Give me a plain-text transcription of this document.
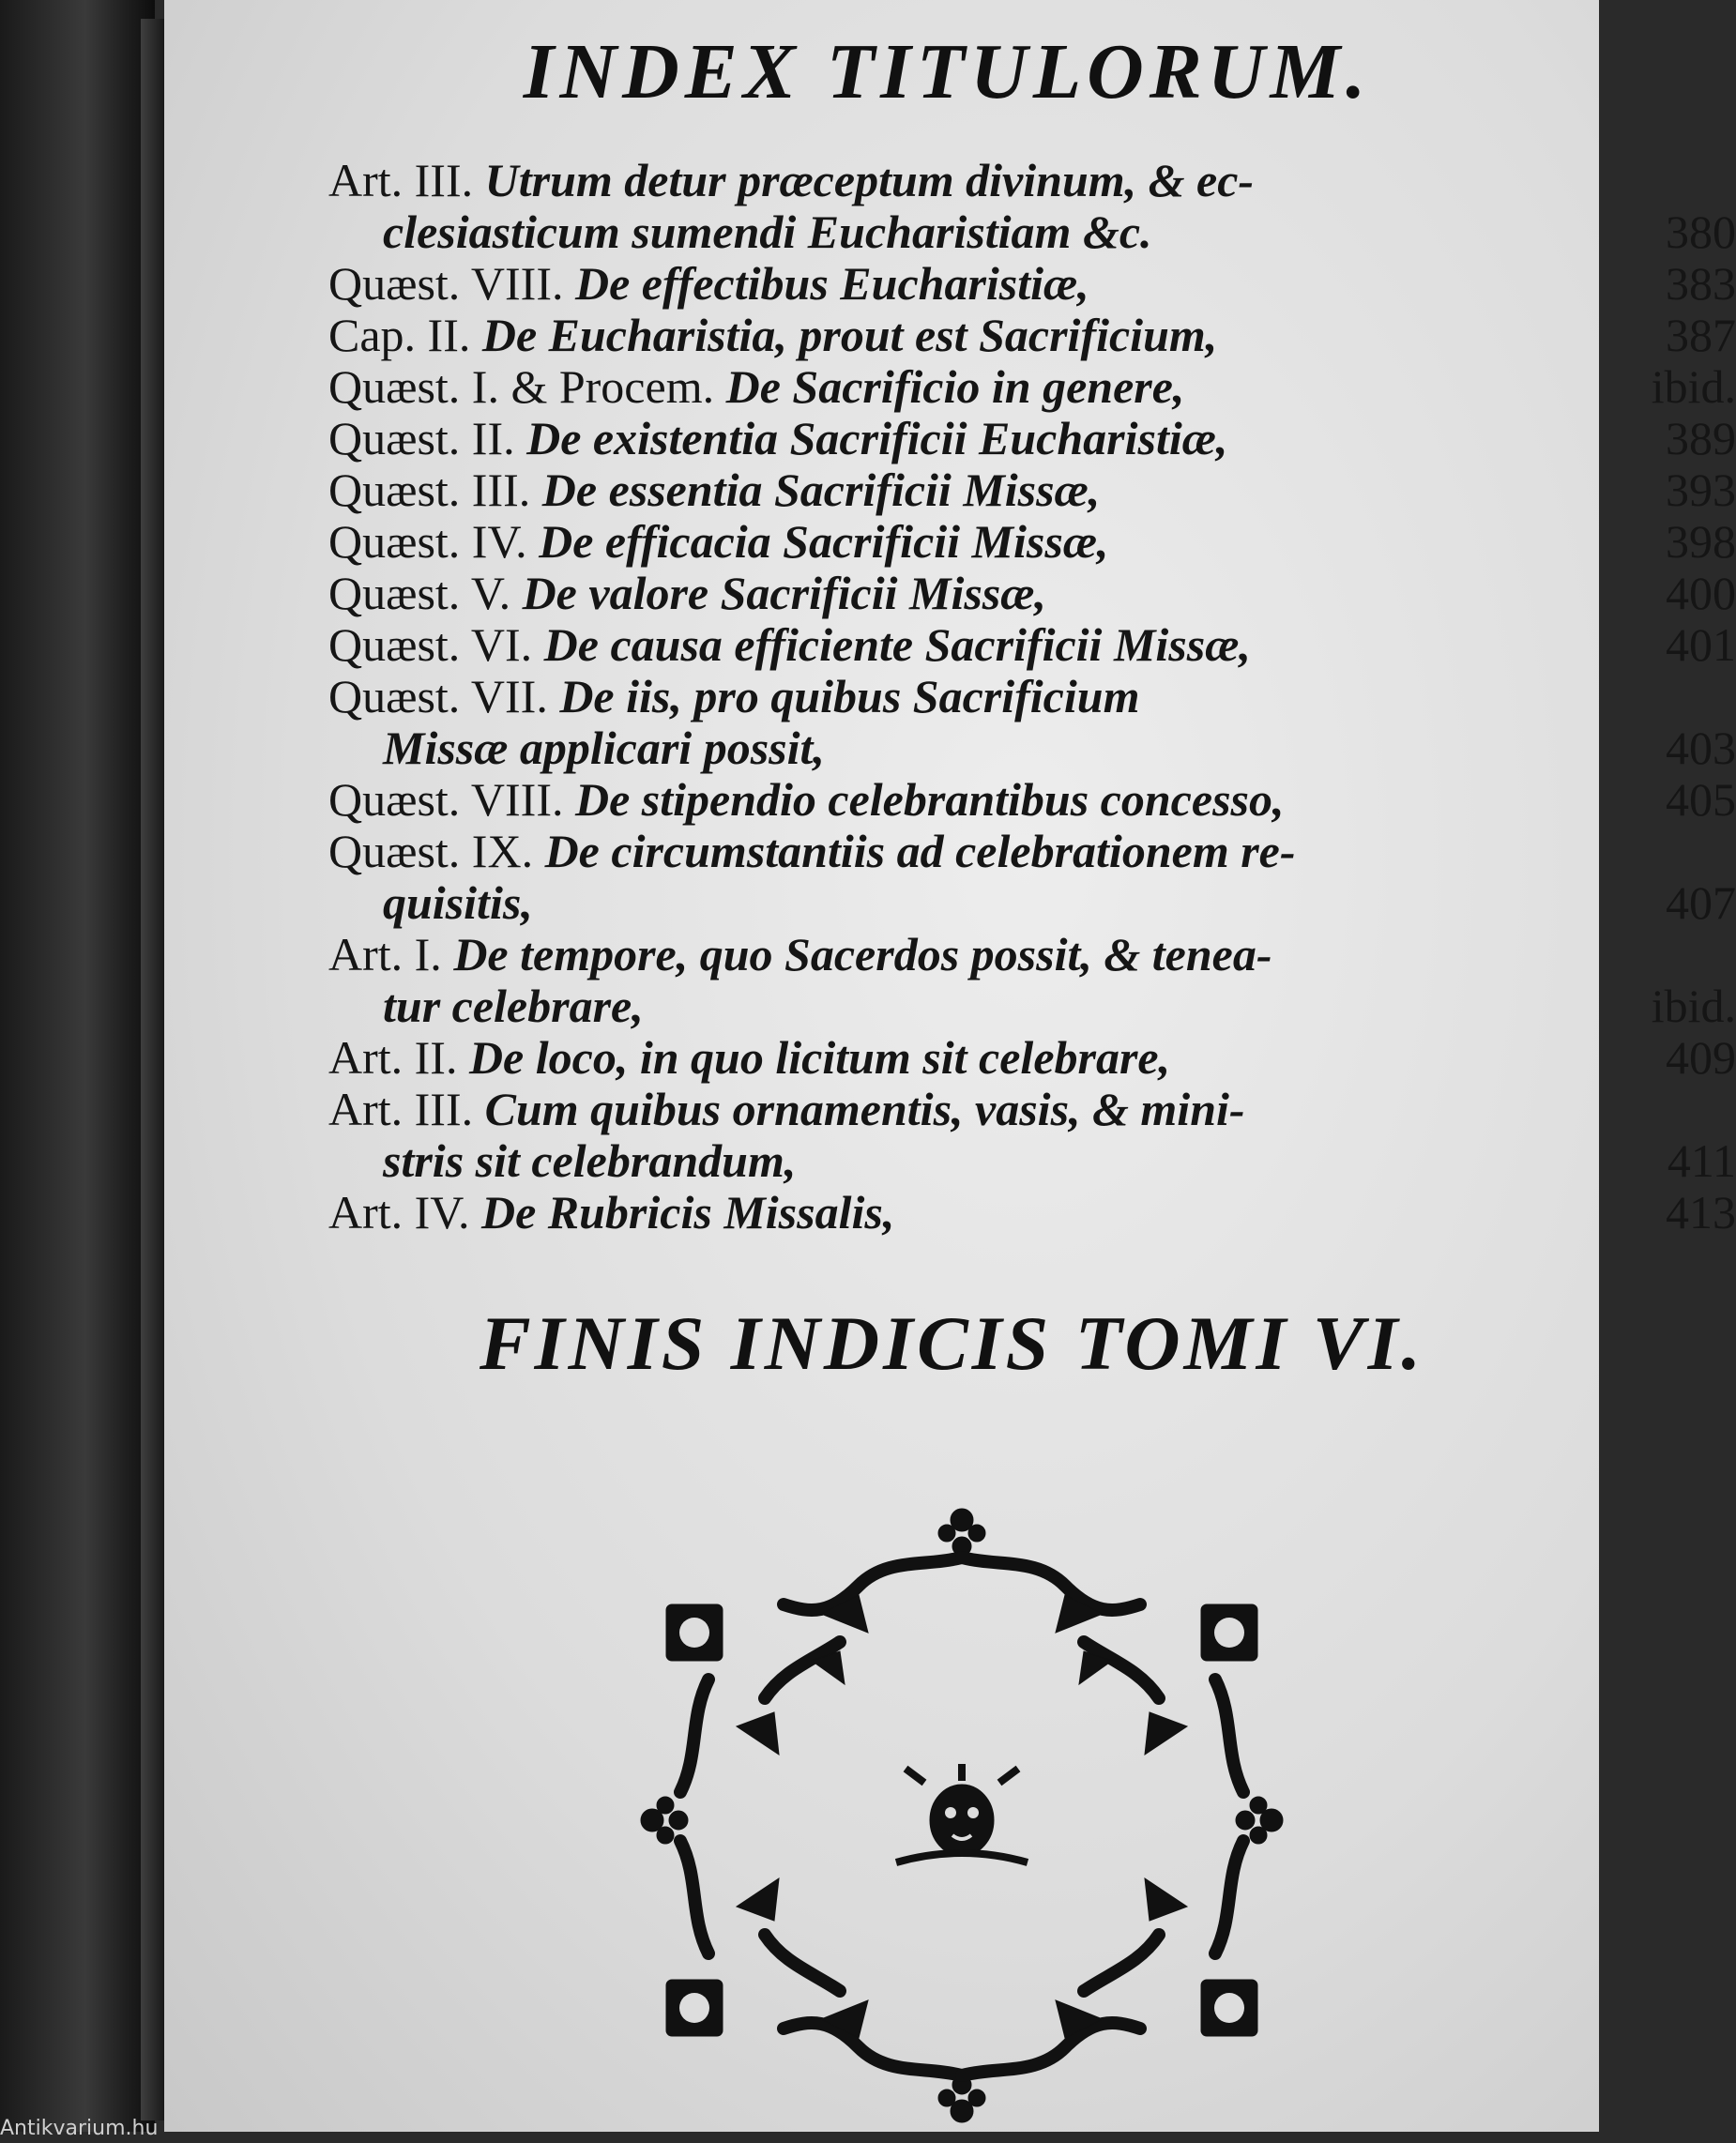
INDEX TITULORUM.
Art. III. Utrum detur præceptum divinum, & ec-
clesiasticum sumendi Eucharistiam &c.	380
Quæst. VIII. De effectibus Eucharistiæ,	383
Cap. II. De Eucharistia, prout est Sacrificium,	387
Quæst. I. & Procem. De Sacrificio in genere,	ibid.
Quæst. II. De existentia Sacrificii Eucharistiæ,	389
Quæst. III. De essentia Sacrificii Missæ,	393
Quæst. IV. De efficacia Sacrificii Missæ,	398
Quæst. V. De valore Sacrificii Missæ,	400
Quæst. VI. De causa efficiente Sacrificii Missæ,	401
Quæst. VII. De iis, pro quibus Sacrificium
Missæ applicari possit,	403
Quæst. VIII. De stipendio celebrantibus concesso,	405
Quæst. IX. De circumstantiis ad celebrationem re-
quisitis,	407
Art. I. De tempore, quo Sacerdos possit, & tenea-
tur celebrare,	ibid.
Art. II. De loco, in quo licitum sit celebrare,	409
Art. III. Cum quibus ornamentis, vasis, & mini-
stris sit celebrandum,	411
Art. IV. De Rubricis Missalis,	413
FINIS INDICIS TOMI VI.
Antikvarium.hu
